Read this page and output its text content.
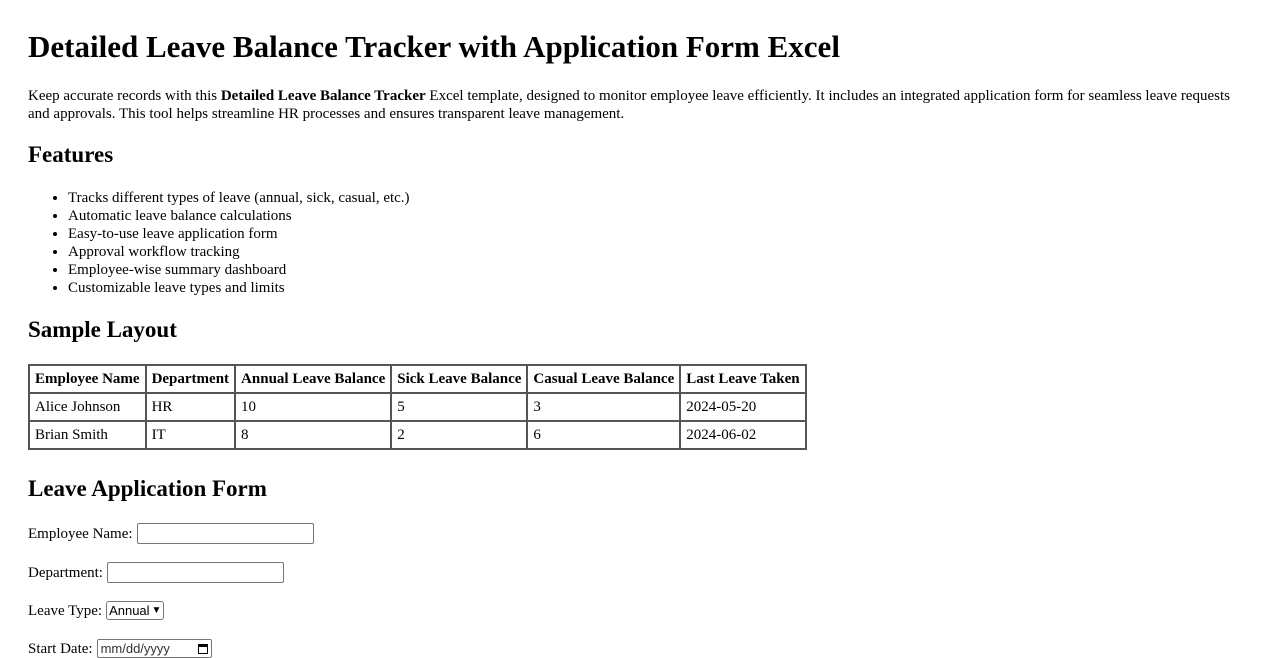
Detailed Leave Balance Tracker with Application Form Excel

Keep accurate records with this Detailed Leave Balance Tracker Excel template, designed to monitor employee leave efficiently. It includes an integrated application form for seamless leave requests and approvals. This tool helps streamline HR processes and ensures transparent leave management.

Features
• Tracks different types of leave (annual, sick, casual, etc.)
• Automatic leave balance calculations
• Easy-to-use leave application form
• Approval workflow tracking
• Employee-wise summary dashboard
• Customizable leave types and limits
Sample Layout
Employee Name	Department	Annual Leave Balance	Sick Leave Balance	Casual Leave Balance	Last Leave Taken
Alice Johnson	HR	10	5	3	2024-05-20
Brian Smith	IT	8	2	6	2024-06-02
Leave Application Form
Employee Name:
Department:
Leave Type: Annual ▼
Start Date: mm/dd/yyyy
